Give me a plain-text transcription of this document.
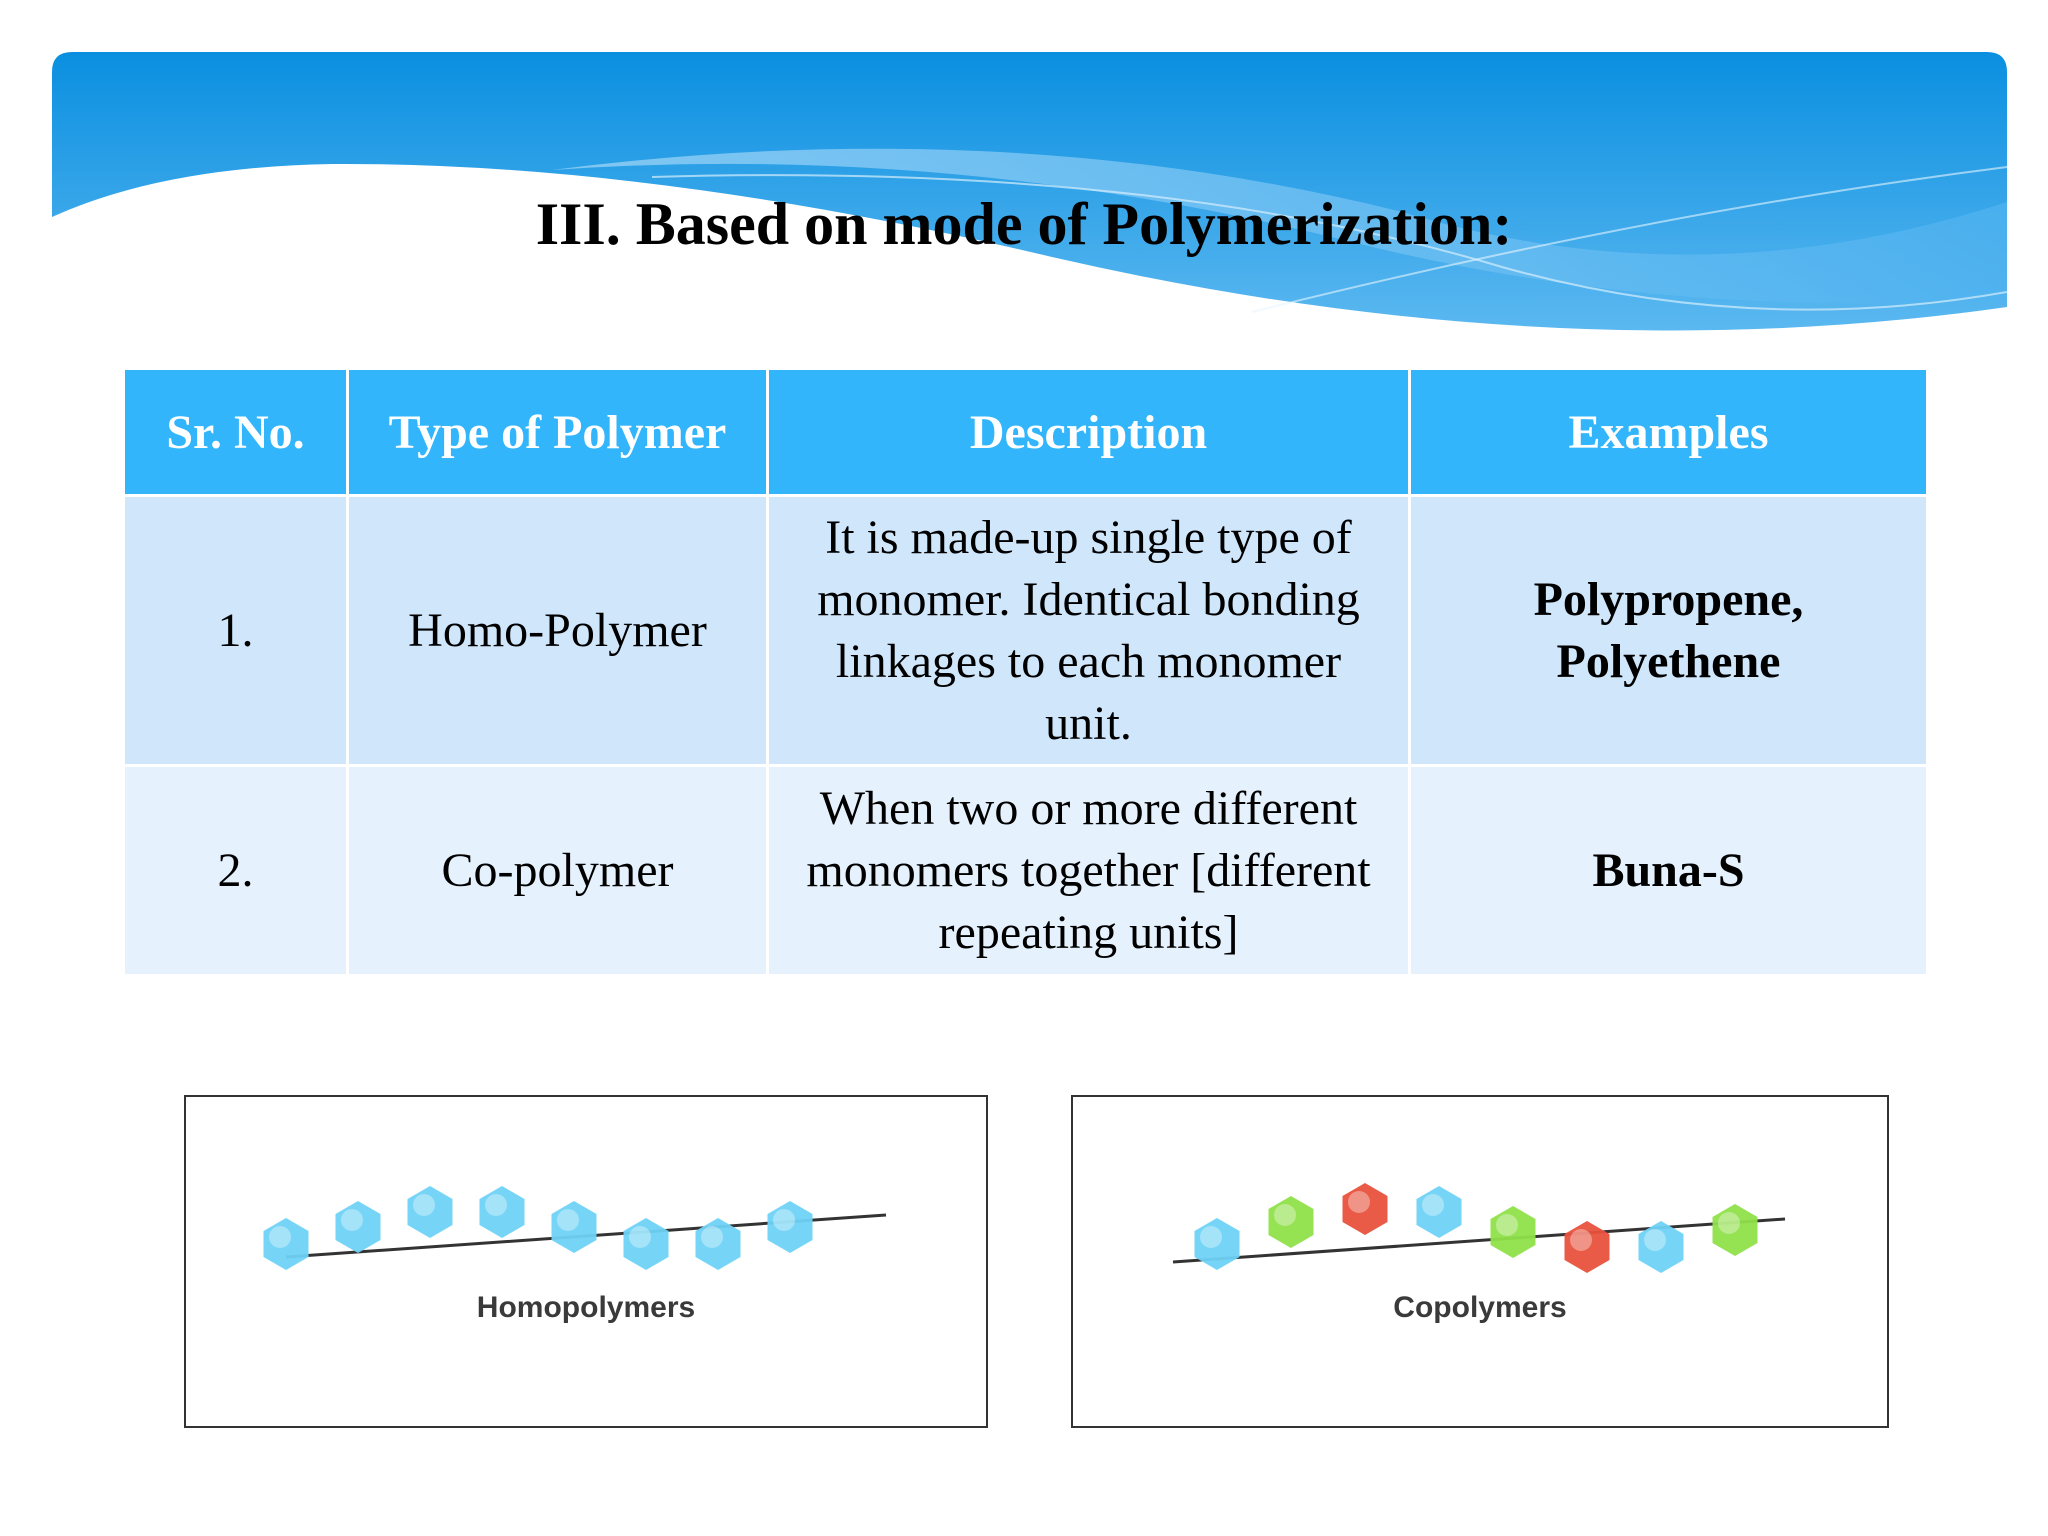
III. Based on mode of Polymerization:
Sr. No.	Type of Polymer	Description	Examples
1.	Homo-Polymer	It is made-up single type of monomer. Identical bonding linkages to each monomer unit.	Polypropene, Polyethene
2.	Co-polymer	When two or more different monomers together [different repeating units]	Buna-S
Homopolymers	Copolymers
